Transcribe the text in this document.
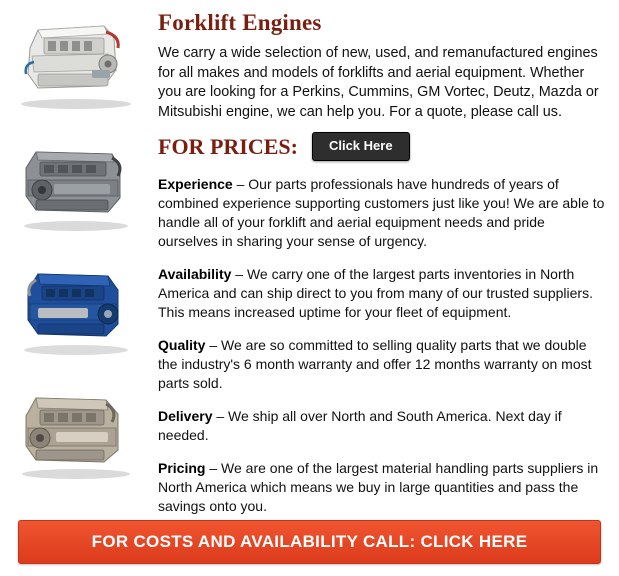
Forklift Engines

We carry a wide selection of new, used, and remanufactured engines for all makes and models of forklifts and aerial equipment. Whether you are looking for a Perkins, Cummins, GM Vortec, Deutz, Mazda or Mitsubishi engine, we can help you. For a quote, please call us.

FOR PRICES:	Click Here

Experience – Our parts professionals have hundreds of years of combined experience supporting customers just like you! We are able to handle all of your forklift and aerial equipment needs and pride ourselves in sharing your sense of urgency.

Availability – We carry one of the largest parts inventories in North America and can ship direct to you from many of our trusted suppliers. This means increased uptime for your fleet of equipment.

Quality – We are so committed to selling quality parts that we double the industry's 6 month warranty and offer 12 months warranty on most parts sold.

Delivery – We ship all over North and South America. Next day if needed.

Pricing – We are one of the largest material handling parts suppliers in North America which means we buy in large quantities and pass the savings onto you.

FOR COSTS AND AVAILABILITY CALL: CLICK HERE
